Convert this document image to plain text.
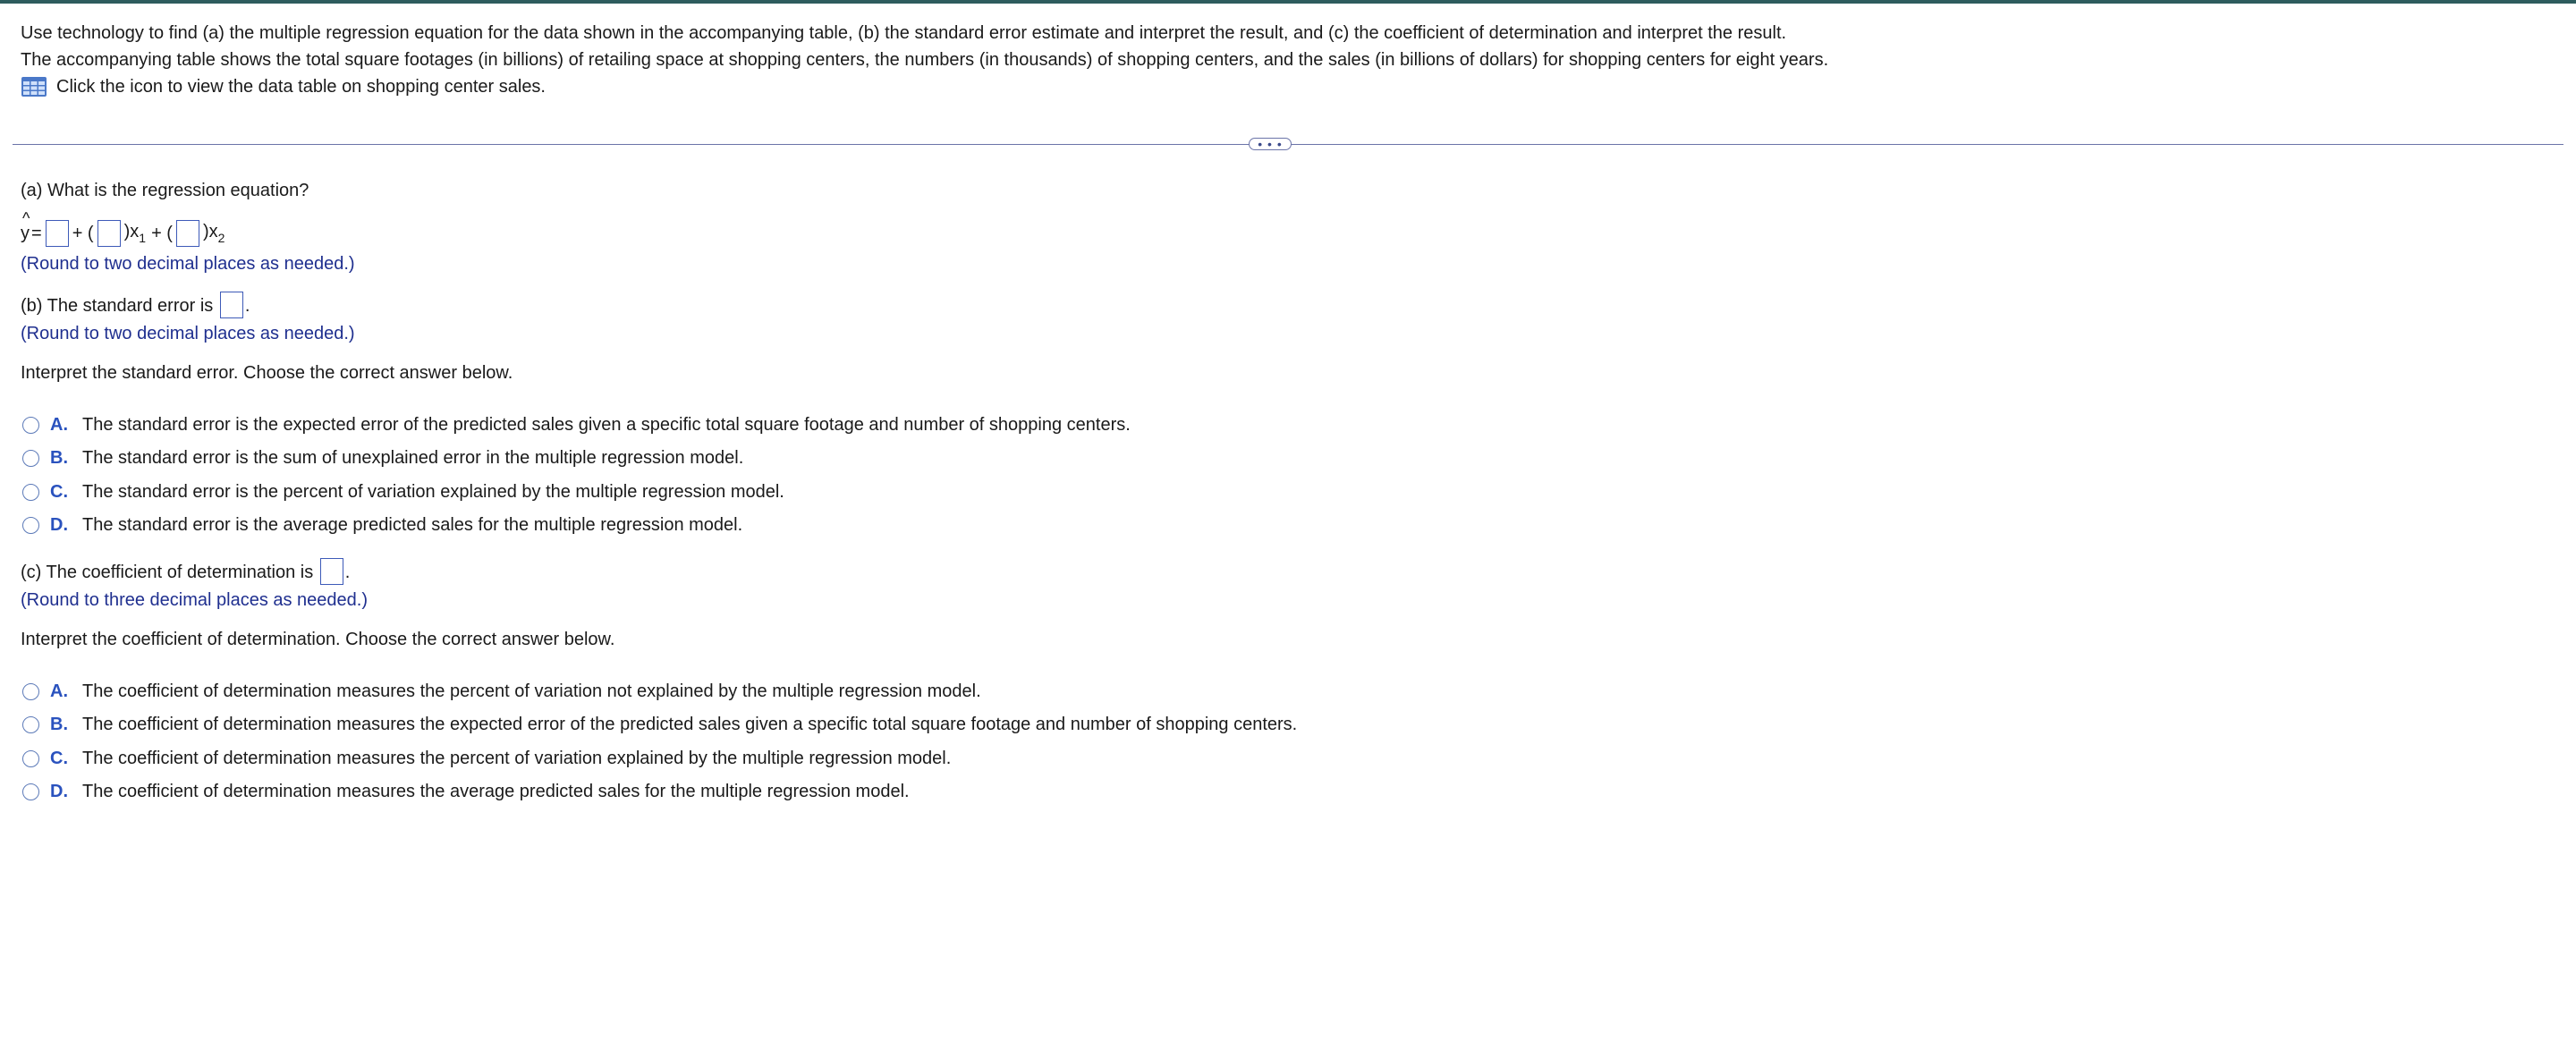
Use technology to find (a) the multiple regression equation for the data shown in the accompanying table, (b) the standard error estimate and interpret the result, and (c) the coefficient of determination and interpret the result.

The accompanying table shows the total square footages (in billions) of retailing space at shopping centers, the numbers (in thousands) of shopping centers, and the sales (in billions of dollars) for shopping centers for eight years.

Click the icon to view the data table on shopping center sales.

• • •
(a) What is the regression equation?
^
y = + ( )$x_1$ + ( )$x_2$
(Round to two decimal places as needed.)
(b) The standard error is .
(Round to two decimal places as needed.)
Interpret the standard error. Choose the correct answer below.
A. The standard error is the expected error of the predicted sales given a specific total square footage and number of shopping centers.
B. The standard error is the sum of unexplained error in the multiple regression model.
C. The standard error is the percent of variation explained by the multiple regression model.
D. The standard error is the average predicted sales for the multiple regression model.
(c) The coefficient of determination is .
(Round to three decimal places as needed.)
Interpret the coefficient of determination. Choose the correct answer below.
A. The coefficient of determination measures the percent of variation not explained by the multiple regression model.
B. The coefficient of determination measures the expected error of the predicted sales given a specific total square footage and number of shopping centers.
C. The coefficient of determination measures the percent of variation explained by the multiple regression model.
D. The coefficient of determination measures the average predicted sales for the multiple regression model.
